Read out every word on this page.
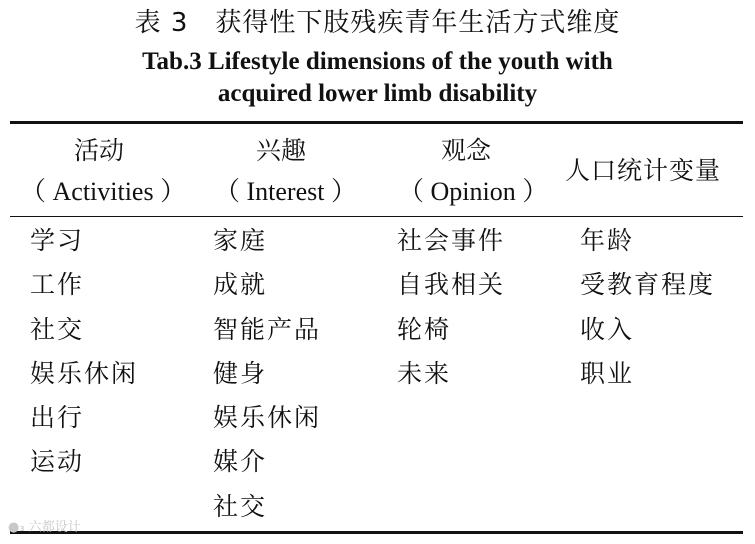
表 3　获得性下肢残疾青年生活方式维度
Tab.3 Lifestyle dimensions of the youth with
acquired lower limb disability
活动
（ Activities ）
兴趣
（ Interest ）
观念
（ Opinion ）
人口统计变量
学习
工作
社交
娱乐休闲
出行
运动
家庭
成就
智能产品
健身
娱乐休闲
媒介
社交
社会事件
自我相关
轮椅
未来
年龄
受教育程度
收入
职业
●₃ 六都设计
